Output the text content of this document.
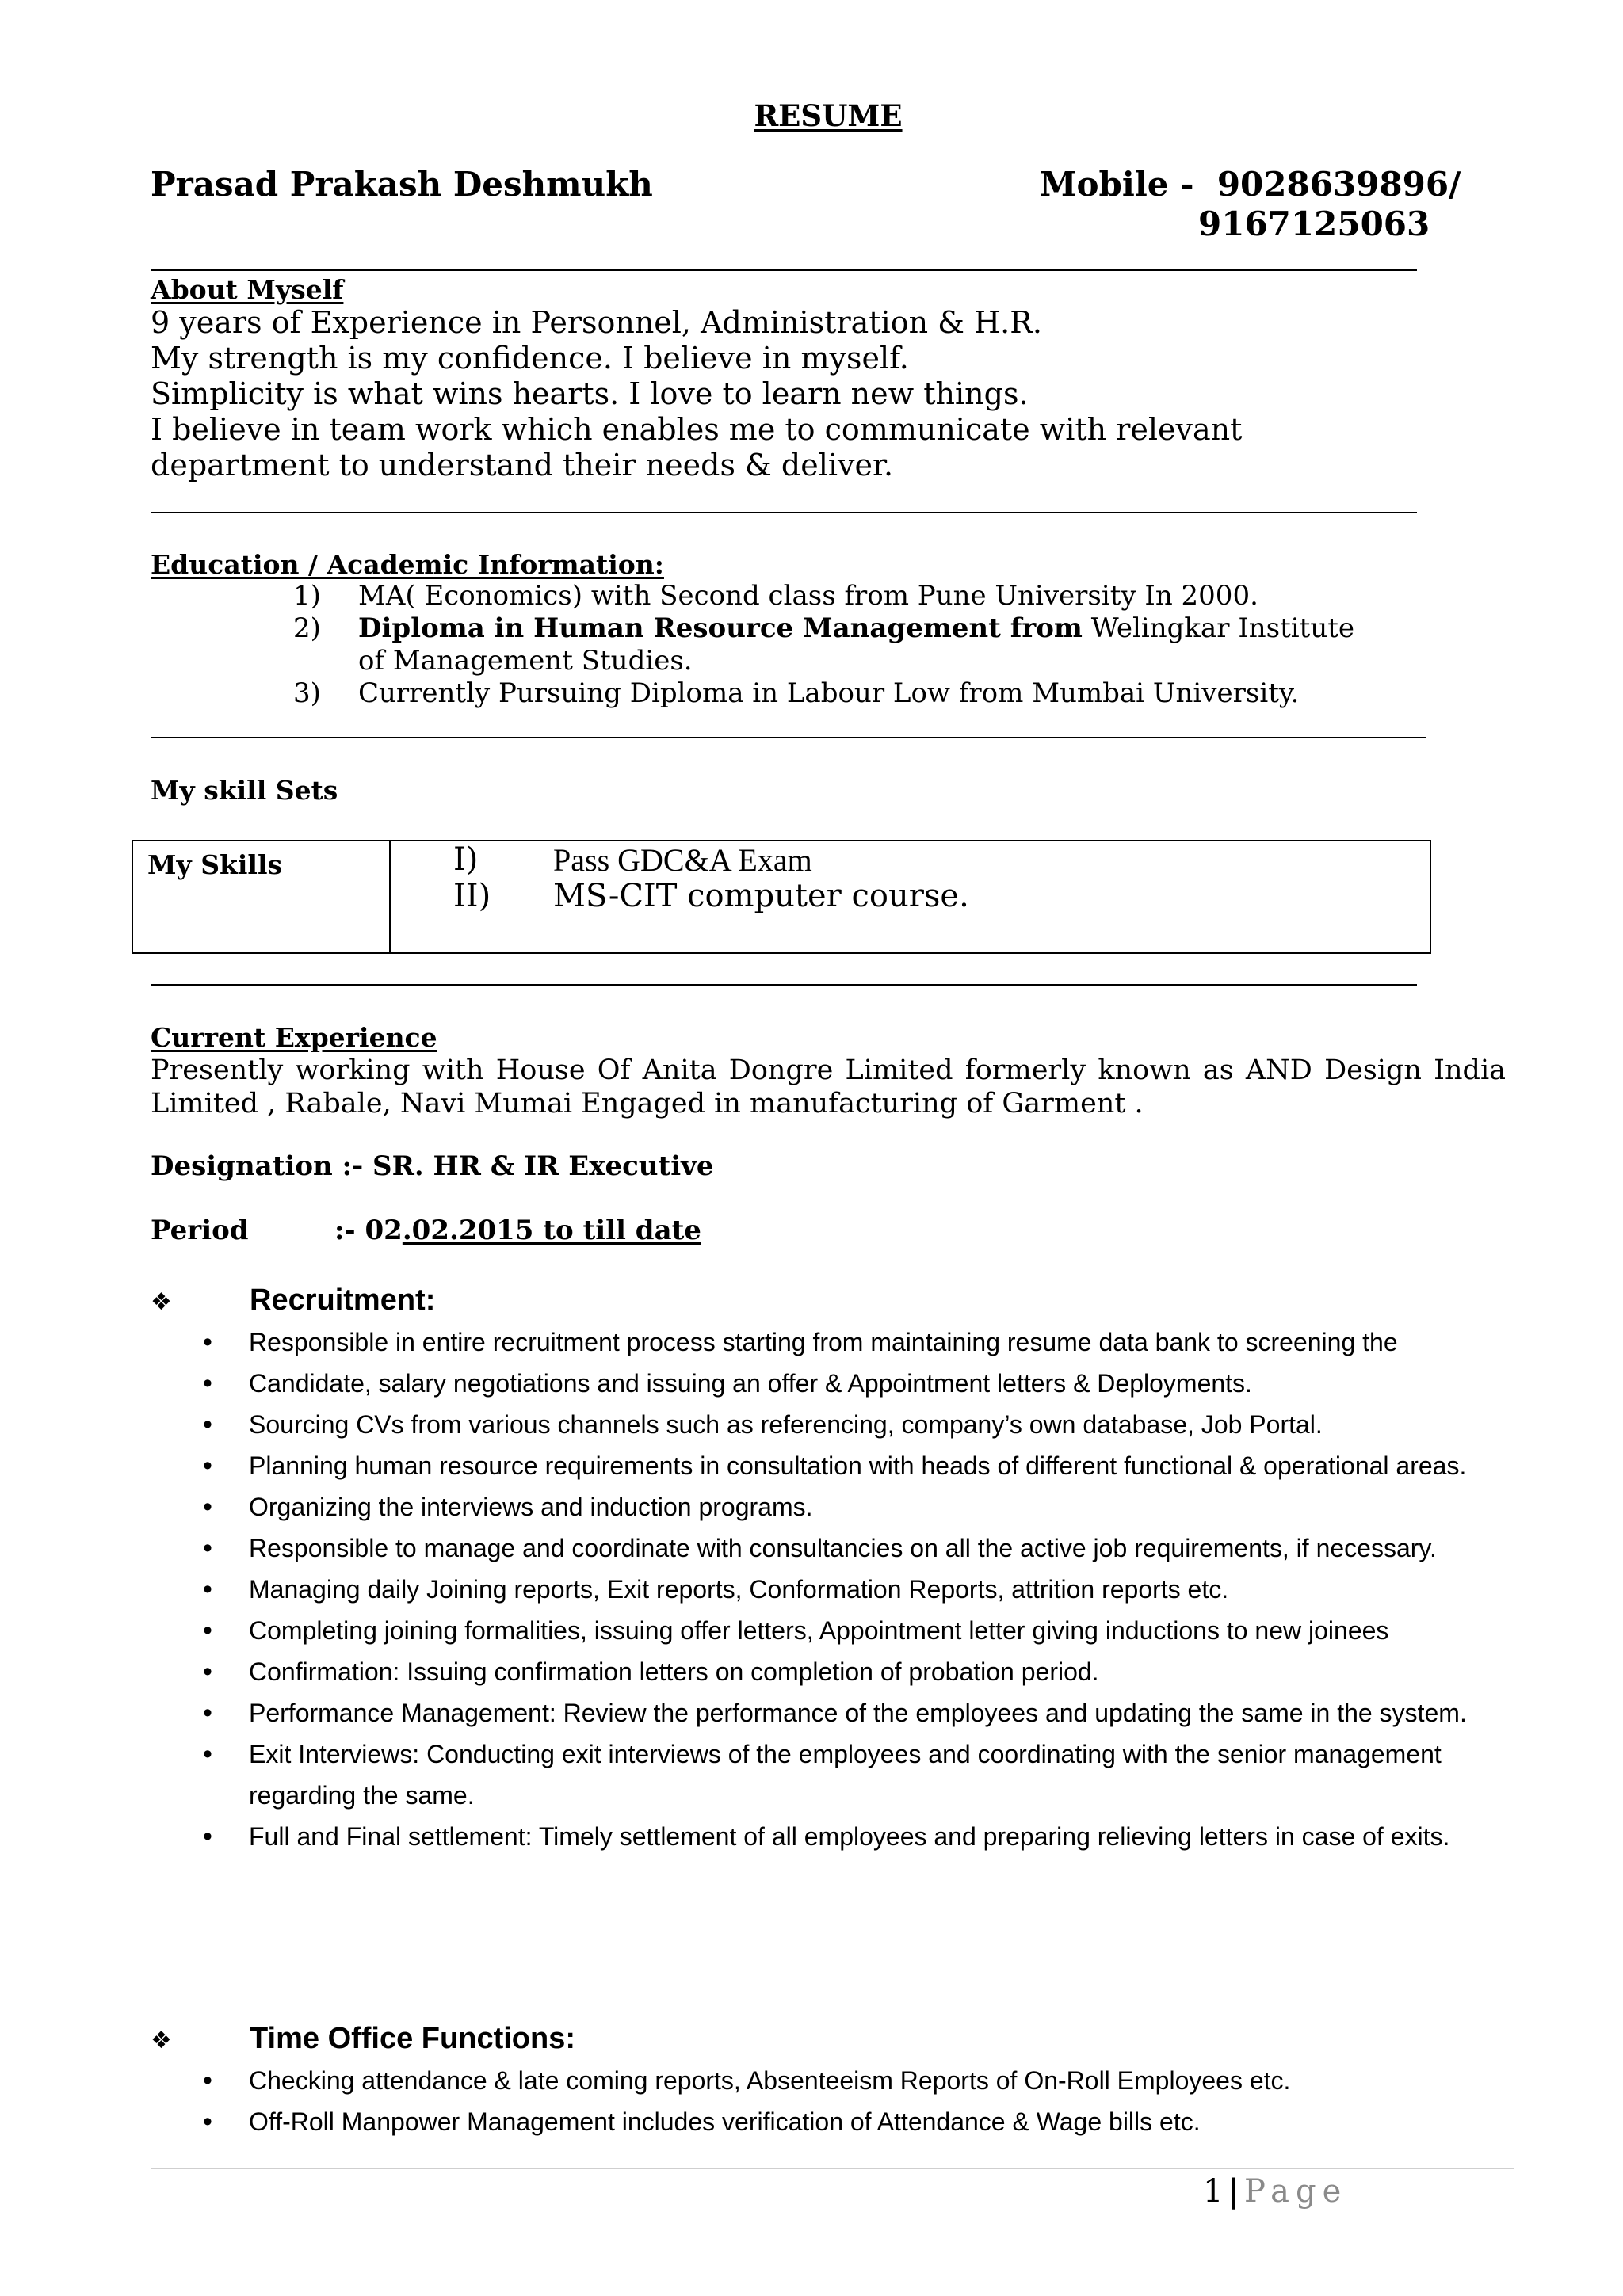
RESUME
Prasad Prakash Deshmukh	Mobile - 9028639896/
9167125063
About Myself
9 years of Experience in Personnel, Administration & H.R.
My strength is my confidence. I believe in myself.
Simplicity is what wins hearts. I love to learn new things.
I believe in team work which enables me to communicate with relevant department to understand their needs & deliver.
Education / Academic Information:
1) MA( Economics) with Second class from Pune University In 2000.
2) Diploma in Human Resource Management from Welingkar Institute of Management Studies.
3) Currently Pursuing Diploma in Labour Low from Mumbai University.
My skill Sets
My Skills	I) Pass GDC&A Exam
II) MS-CIT computer course.
Current Experience
Presently working with House Of Anita Dongre Limited formerly known as AND Design India Limited , Rabale, Navi Mumai Engaged in manufacturing of Garment .
Designation :- SR. HR & IR Executive
Period	:- 02.02.2015 to till date
❖	Recruitment:
• Responsible in entire recruitment process starting from maintaining resume data bank to screening the
• Candidate, salary negotiations and issuing an offer & Appointment letters & Deployments.
• Sourcing CVs from various channels such as referencing, company’s own database, Job Portal.
• Planning human resource requirements in consultation with heads of different functional & operational areas.
• Organizing the interviews and induction programs.
• Responsible to manage and coordinate with consultancies on all the active job requirements, if necessary.
• Managing daily Joining reports, Exit reports, Conformation Reports, attrition reports etc.
• Completing joining formalities, issuing offer letters, Appointment letter giving inductions to new joinees
• Confirmation: Issuing confirmation letters on completion of probation period.
• Performance Management: Review the performance of the employees and updating the same in the system.
• Exit Interviews: Conducting exit interviews of the employees and coordinating with the senior management regarding the same.
• Full and Final settlement: Timely settlement of all employees and preparing relieving letters in case of exits.
❖	Time Office Functions:
• Checking attendance & late coming reports, Absenteeism Reports of On-Roll Employees etc.
• Off-Roll Manpower Management includes verification of Attendance & Wage bills etc.
1 | Page
